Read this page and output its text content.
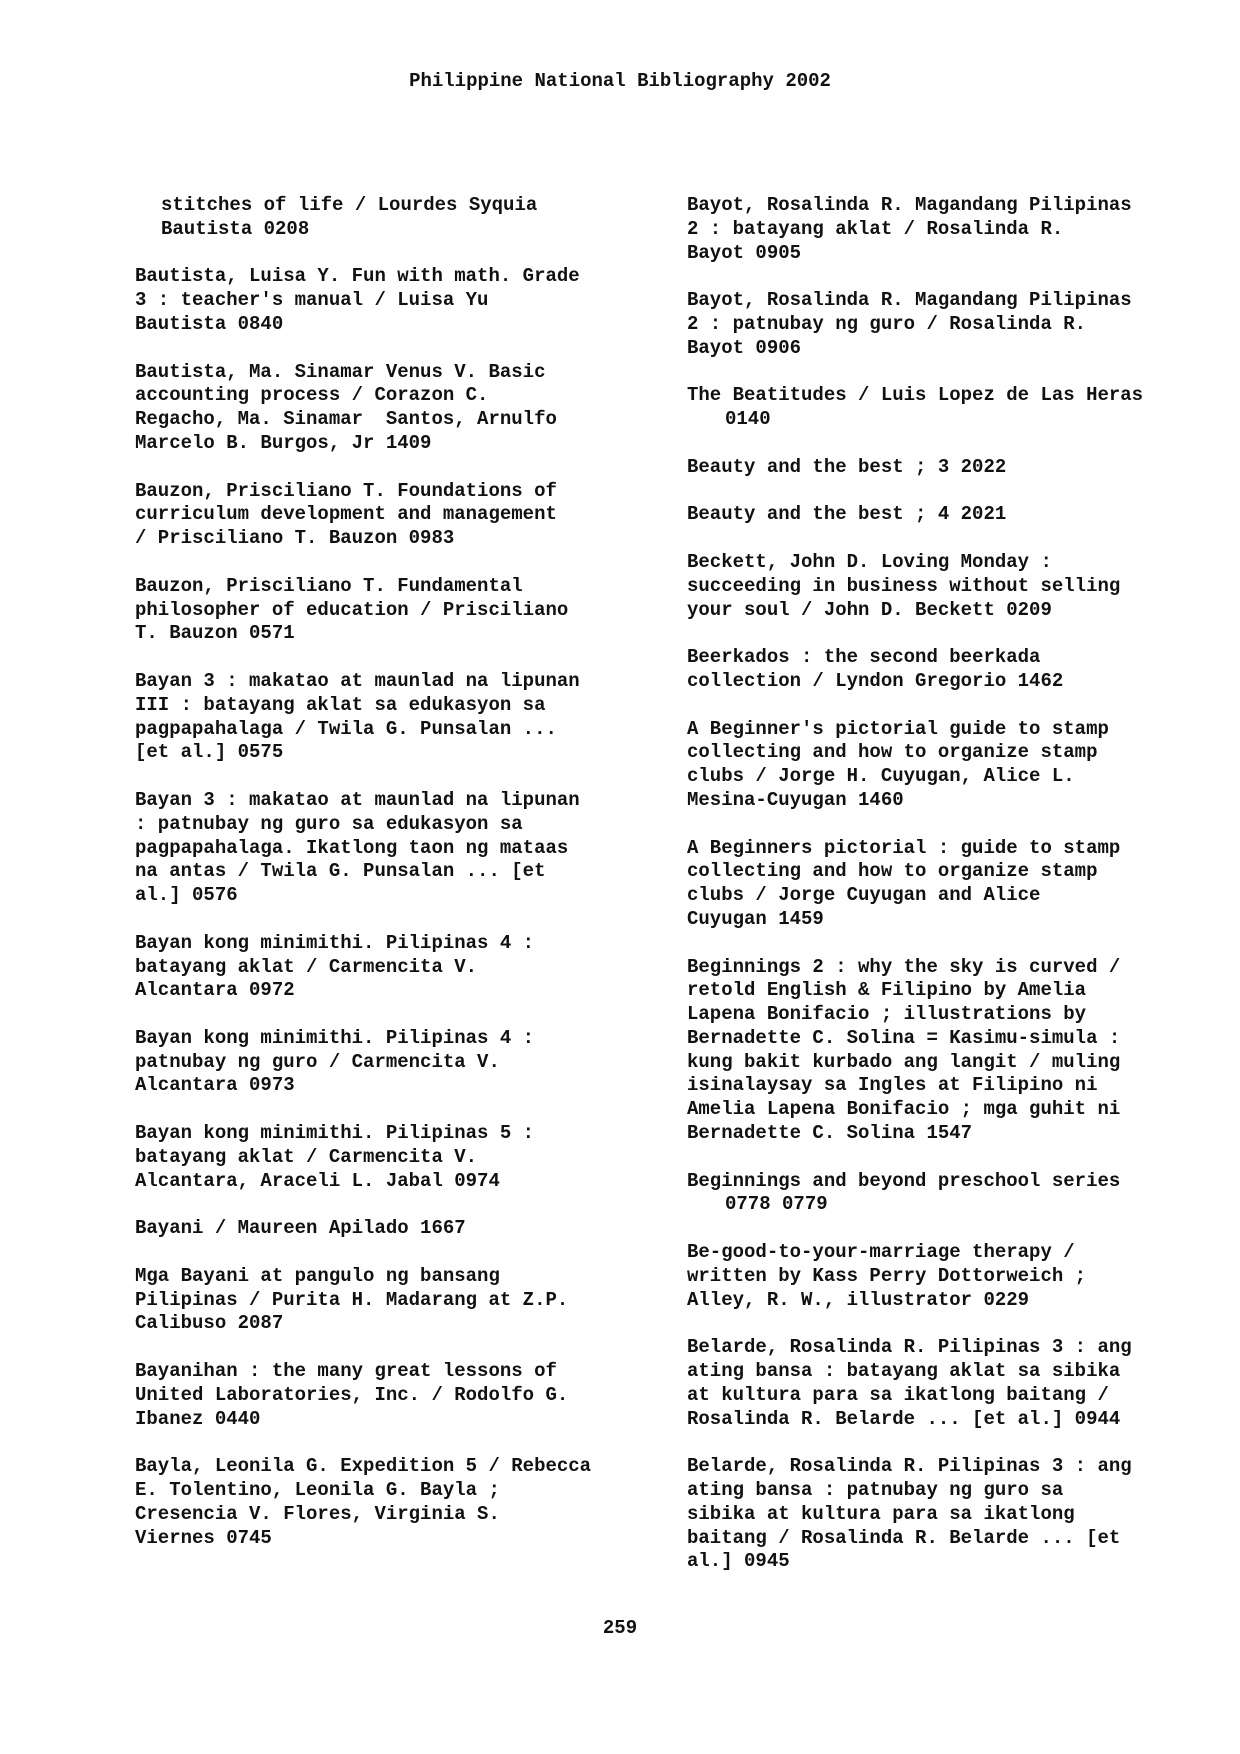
Philippine National Bibliography 2002
stitches of life / Lourdes Syquia
Bautista 0208
Bautista, Luisa Y. Fun with math. Grade
3 : teacher's manual / Luisa Yu
Bautista 0840
Bautista, Ma. Sinamar Venus V. Basic
accounting process / Corazon C.
Regacho, Ma. Sinamar  Santos, Arnulfo
Marcelo B. Burgos, Jr 1409
Bauzon, Prisciliano T. Foundations of
curriculum development and management
/ Prisciliano T. Bauzon 0983
Bauzon, Prisciliano T. Fundamental
philosopher of education / Prisciliano
T. Bauzon 0571
Bayan 3 : makatao at maunlad na lipunan
III : batayang aklat sa edukasyon sa
pagpapahalaga / Twila G. Punsalan ...
[et al.] 0575
Bayan 3 : makatao at maunlad na lipunan
: patnubay ng guro sa edukasyon sa
pagpapahalaga. Ikatlong taon ng mataas
na antas / Twila G. Punsalan ... [et
al.] 0576
Bayan kong minimithi. Pilipinas 4 :
batayang aklat / Carmencita V.
Alcantara 0972
Bayan kong minimithi. Pilipinas 4 :
patnubay ng guro / Carmencita V.
Alcantara 0973
Bayan kong minimithi. Pilipinas 5 :
batayang aklat / Carmencita V.
Alcantara, Araceli L. Jabal 0974
Bayani / Maureen Apilado 1667
Mga Bayani at pangulo ng bansang
Pilipinas / Purita H. Madarang at Z.P.
Calibuso 2087
Bayanihan : the many great lessons of
United Laboratories, Inc. / Rodolfo G.
Ibanez 0440
Bayla, Leonila G. Expedition 5 / Rebecca
E. Tolentino, Leonila G. Bayla ;
Cresencia V. Flores, Virginia S.
Viernes 0745
Bayot, Rosalinda R. Magandang Pilipinas
2 : batayang aklat / Rosalinda R.
Bayot 0905
Bayot, Rosalinda R. Magandang Pilipinas
2 : patnubay ng guro / Rosalinda R.
Bayot 0906
The Beatitudes / Luis Lopez de Las Heras
0140
Beauty and the best ; 3 2022
Beauty and the best ; 4 2021
Beckett, John D. Loving Monday :
succeeding in business without selling
your soul / John D. Beckett 0209
Beerkados : the second beerkada
collection / Lyndon Gregorio 1462
A Beginner's pictorial guide to stamp
collecting and how to organize stamp
clubs / Jorge H. Cuyugan, Alice L.
Mesina-Cuyugan 1460
A Beginners pictorial : guide to stamp
collecting and how to organize stamp
clubs / Jorge Cuyugan and Alice
Cuyugan 1459
Beginnings 2 : why the sky is curved /
retold English & Filipino by Amelia
Lapena Bonifacio ; illustrations by
Bernadette C. Solina = Kasimu-simula :
kung bakit kurbado ang langit / muling
isinalaysay sa Ingles at Filipino ni
Amelia Lapena Bonifacio ; mga guhit ni
Bernadette C. Solina 1547
Beginnings and beyond preschool series
0778 0779
Be-good-to-your-marriage therapy /
written by Kass Perry Dottorweich ;
Alley, R. W., illustrator 0229
Belarde, Rosalinda R. Pilipinas 3 : ang
ating bansa : batayang aklat sa sibika
at kultura para sa ikatlong baitang /
Rosalinda R. Belarde ... [et al.] 0944
Belarde, Rosalinda R. Pilipinas 3 : ang
ating bansa : patnubay ng guro sa
sibika at kultura para sa ikatlong
baitang / Rosalinda R. Belarde ... [et
al.] 0945
259
